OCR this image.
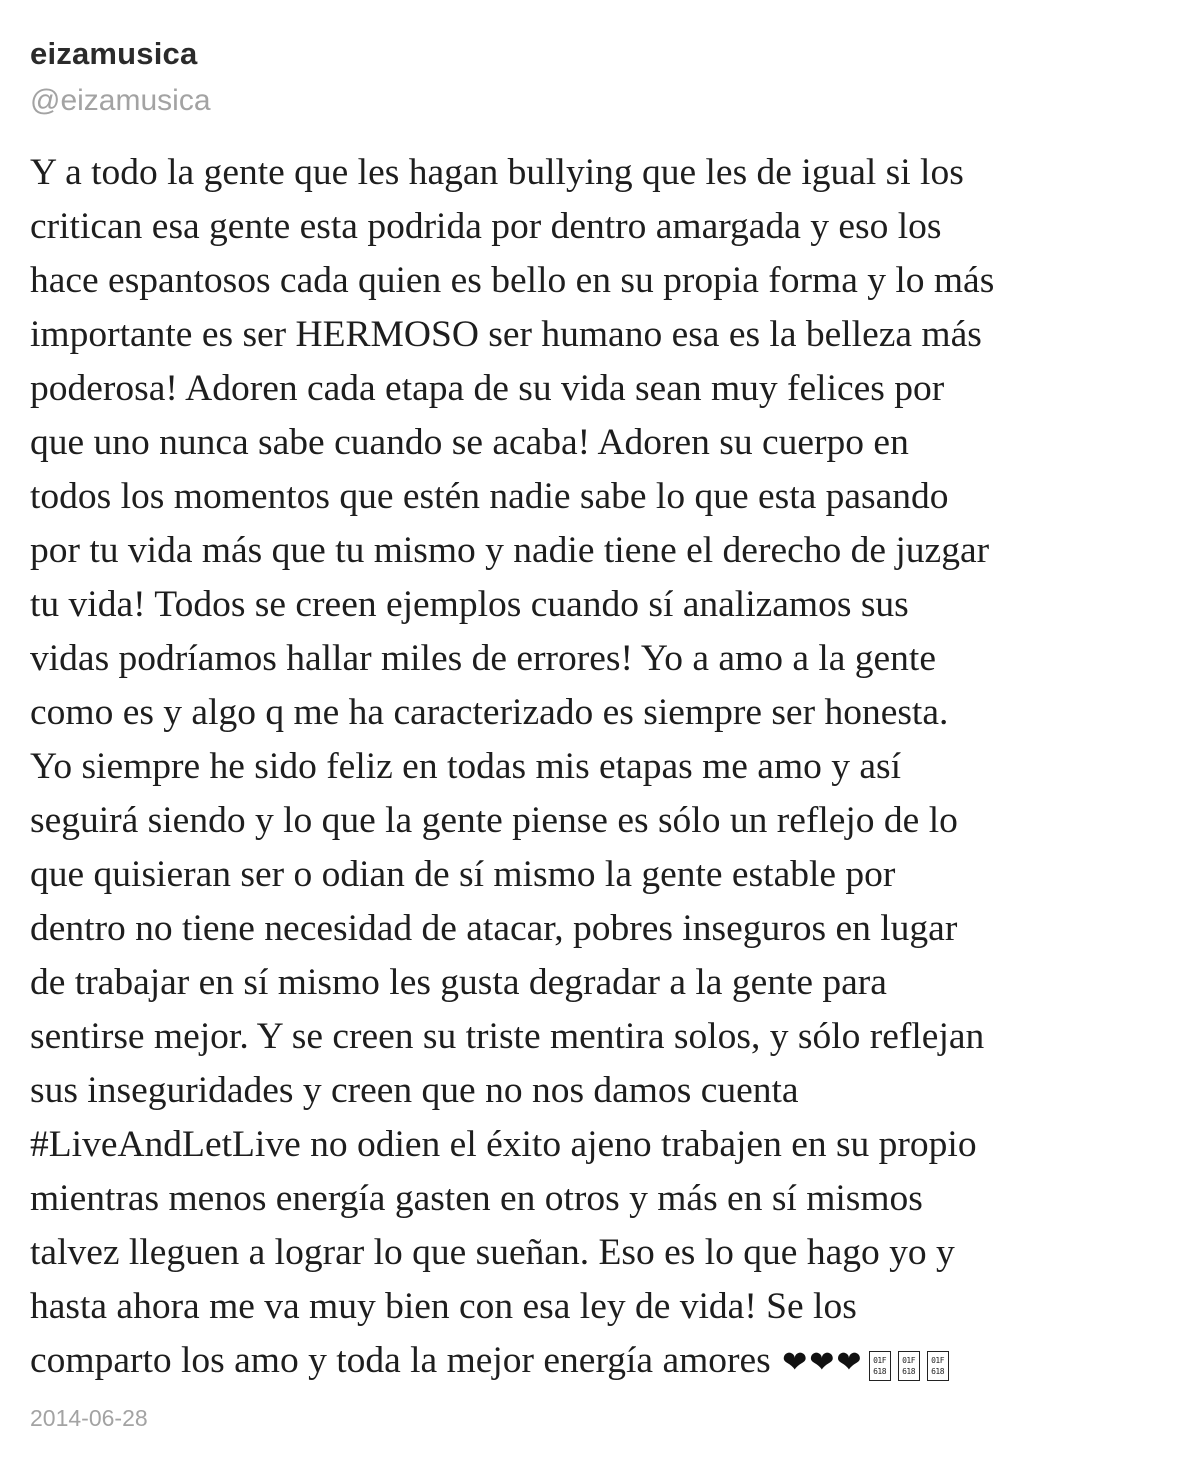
eizamusica
@eizamusica
Y a todo la gente que les hagan bullying que les de igual si los
critican esa gente esta podrida por dentro amargada y eso los
hace espantosos cada quien es bello en su propia forma y lo más
importante es ser HERMOSO ser humano esa es la belleza más
poderosa! Adoren cada etapa de su vida sean muy felices por
que uno nunca sabe cuando se acaba! Adoren su cuerpo en
todos los momentos que estén nadie sabe lo que esta pasando
por tu vida más que tu mismo y nadie tiene el derecho de juzgar
tu vida! Todos se creen ejemplos cuando sí analizamos sus
vidas podríamos hallar miles de errores! Yo a amo a la gente
como es y algo q me ha caracterizado es siempre ser honesta.
Yo siempre he sido feliz en todas mis etapas me amo y así
seguirá siendo y lo que la gente piense es sólo un reflejo de lo
que quisieran ser o odian de sí mismo la gente estable por
dentro no tiene necesidad de atacar, pobres inseguros en lugar
de trabajar en sí mismo les gusta degradar a la gente para
sentirse mejor. Y se creen su triste mentira solos, y sólo reflejan
sus inseguridades y creen que no nos damos cuenta
#LiveAndLetLive no odien el éxito ajeno trabajen en su propio
mientras menos energía gasten en otros y más en sí mismos
talvez lleguen a lograr lo que sueñan. Eso es lo que hago yo y
hasta ahora me va muy bien con esa ley de vida! Se los
comparto los amo y toda la mejor energía amores ❤❤❤	01F
618
01F
618
01F
618
2014-06-28
